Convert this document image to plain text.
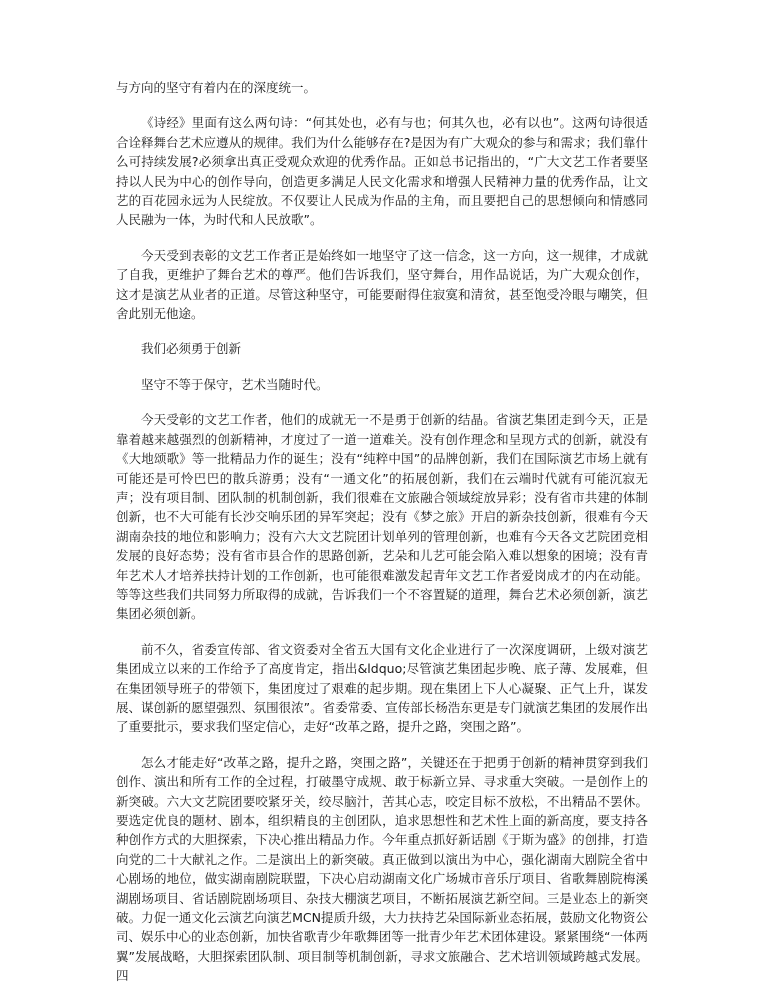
与方向的坚守有着内在的深度统一。

《诗经》里面有这么两句诗：“何其处也，必有与也；何其久也，必有以也”。这两句诗很适合诠释舞台艺术应遵从的规律。我们为什么能够存在?是因为有广大观众的参与和需求；我们靠什么可持续发展?必须拿出真正受观众欢迎的优秀作品。正如总书记指出的，“广大文艺工作者要坚持以人民为中心的创作导向，创造更多满足人民文化需求和增强人民精神力量的优秀作品，让文艺的百花园永远为人民绽放。不仅要让人民成为作品的主角，而且要把自己的思想倾向和情感同人民融为一体，为时代和人民放歌”。

今天受到表彰的文艺工作者正是始终如一地坚守了这一信念，这一方向，这一规律，才成就了自我，更维护了舞台艺术的尊严。他们告诉我们，坚守舞台，用作品说话，为广大观众创作，这才是演艺从业者的正道。尽管这种坚守，可能要耐得住寂寞和清贫，甚至饱受冷眼与嘲笑，但舍此别无他途。

我们必须勇于创新

坚守不等于保守，艺术当随时代。

今天受彰的文艺工作者，他们的成就无一不是勇于创新的结晶。省演艺集团走到今天，正是靠着越来越强烈的创新精神，才度过了一道一道难关。没有创作理念和呈现方式的创新，就没有《大地颂歌》等一批精品力作的诞生；没有“纯粹中国”的品牌创新，我们在国际演艺市场上就有可能还是可怜巴巴的散兵游勇；没有“一通文化”的拓展创新，我们在云端时代就有可能沉寂无声；没有项目制、团队制的机制创新，我们很难在文旅融合领域绽放异彩；没有省市共建的体制创新，也不大可能有长沙交响乐团的异军突起；没有《梦之旅》开启的新杂技创新，很难有今天湖南杂技的地位和影响力；没有六大文艺院团计划单列的管理创新，也难有今天各文艺院团竞相发展的良好态势；没有省市县合作的思路创新，艺朵和儿艺可能会陷入难以想象的困境；没有青年艺术人才培养扶持计划的工作创新，也可能很难激发起青年文艺工作者爱岗成才的内在动能。等等这些我们共同努力所取得的成就，告诉我们一个不容置疑的道理，舞台艺术必须创新，演艺集团必须创新。

前不久，省委宣传部、省文资委对全省五大国有文化企业进行了一次深度调研，上级对演艺集团成立以来的工作给予了高度肯定，指出&ldquo;尽管演艺集团起步晚、底子薄、发展难，但在集团领导班子的带领下，集团度过了艰难的起步期。现在集团上下人心凝聚、正气上升，谋发展、谋创新的愿望强烈、氛围很浓”。省委常委、宣传部长杨浩东更是专门就演艺集团的发展作出了重要批示，要求我们坚定信心，走好“改革之路，提升之路，突围之路”。

怎么才能走好“改革之路，提升之路，突围之路”，关键还在于把勇于创新的精神贯穿到我们创作、演出和所有工作的全过程，打破墨守成规、敢于标新立异、寻求重大突破。一是创作上的新突破。六大文艺院团要咬紧牙关，绞尽脑汁，苦其心志，咬定目标不放松，不出精品不罢休。要选定优良的题材、剧本，组织精良的主创团队，追求思想性和艺术性上面的新高度，要支持各种创作方式的大胆探索，下决心推出精品力作。今年重点抓好新话剧《于斯为盛》的创排，打造向党的二十大献礼之作。二是演出上的新突破。真正做到以演出为中心，强化湖南大剧院全省中心剧场的地位，做实湖南剧院联盟，下决心启动湖南文化广场城市音乐厅项目、省歌舞剧院梅溪湖剧场项目、省话剧院剧场项目、杂技大棚演艺项目，不断拓展演艺新空间。三是业态上的新突破。力促一通文化云演艺向演艺MCN提质升级，大力扶持艺朵国际新业态拓展，鼓励文化物资公司、娱乐中心的业态创新，加快省歌青少年歌舞团等一批青少年艺术团体建设。紧紧围绕“一体两翼”发展战略，大胆探索团队制、项目制等机制创新，寻求文旅融合、艺术培训领域跨越式发展。四
